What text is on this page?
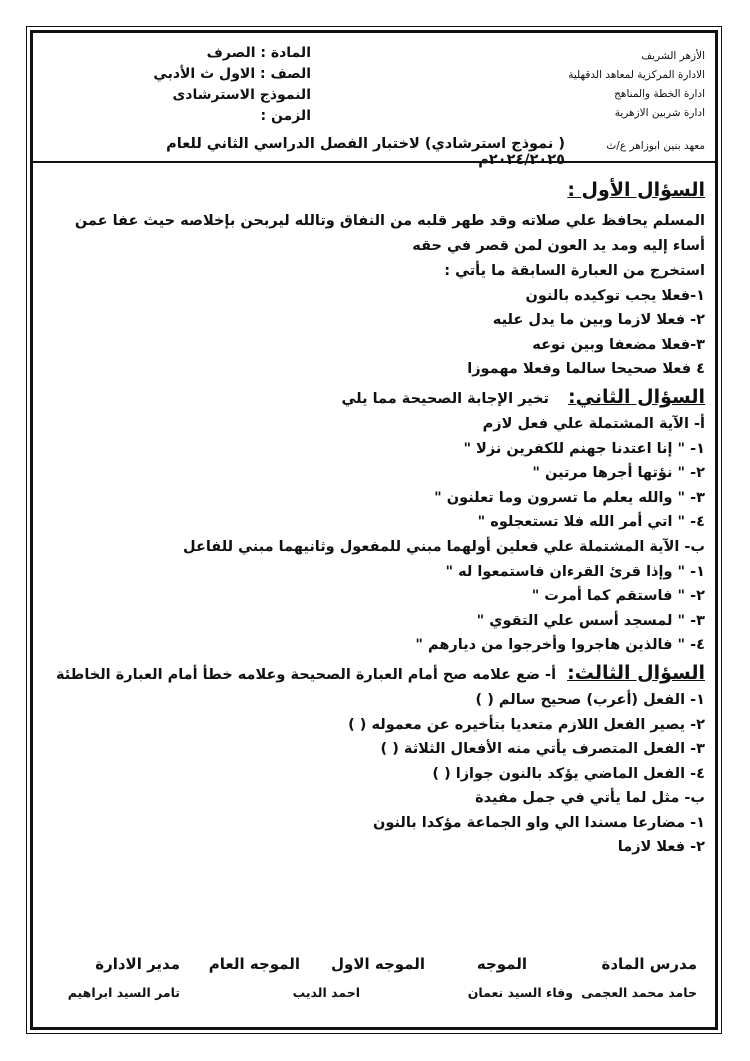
الأزهر الشريف
الادارة المركزية لمعاهد الدقهلية
ادارة الخطة والمناهج
ادارة شربين الازهرية
المادة : الصرف
الصف : الاول ث الأدبي
النموذج الاسترشادى
الزمن :
معهد بنين ابوزاهر ع/ث
( نموذج استرشادي) لاختبار الفصل الدراسي الثاني للعام ٢٠٢٤/٢٠٢٥م
السؤال الأول :
المسلم يحافظ علي صلاته وقد طهر قلبه من النفاق وتالله ليربحن بإخلاصه حيث عفا عمن أساء إليه ومد يد العون لمن قصر في حقه
استخرج من العبارة السابقة ما يأتي :
١-فعلا يجب توكيده بالنون
٢- فعلا لازما وبين ما يدل عليه
٣-فعلا مضعفا وبين نوعه
٤ فعلا صحيحا سالما وفعلا مهموزا
السؤال الثاني: تخير الإجابة الصحيحة مما يلي
أ- الآية المشتملة علي فعل لازم
١- " إنا اعتدنا جهنم للكفرين نزلا "
٢- " نؤتها أجرها مرتين "
٣- " والله يعلم ما تسرون وما تعلنون "
٤- " اتي أمر الله فلا تستعجلوه "
ب- الآية المشتملة علي فعلين أولهما مبني للمفعول وثانيهما مبني للفاعل
١- " وإذا قرئ القرءان فاستمعوا له "
٢- " فاستقم كما أمرت "
٣- " لمسجد أسس علي التقوي "
٤- " فالذين هاجروا وأخرجوا من ديارهم "
السؤال الثالث: أ- ضع علامه صح أمام العبارة الصحيحة وعلامه خطأ أمام العبارة الخاطئة
١- الفعل (أعرب) صحيح سالم ( )
٢- يصير الفعل اللازم متعديا بتأخيره عن معموله ( )
٣- الفعل المتصرف يأتي منه الأفعال الثلاثة ( )
٤- الفعل الماضي يؤكد بالنون جوازا ( )
ب- مثل لما يأتي في جمل مفيدة
١- مضارعا مسندا الي واو الجماعة مؤكدا بالنون
٢- فعلا لازما
مدرس المادة
الموجه
الموجه الاول
الموجه العام
مدير الادارة
حامد محمد العجمى
وفاء السيد نعمان
احمد الديب
تامر السيد ابراهيم
